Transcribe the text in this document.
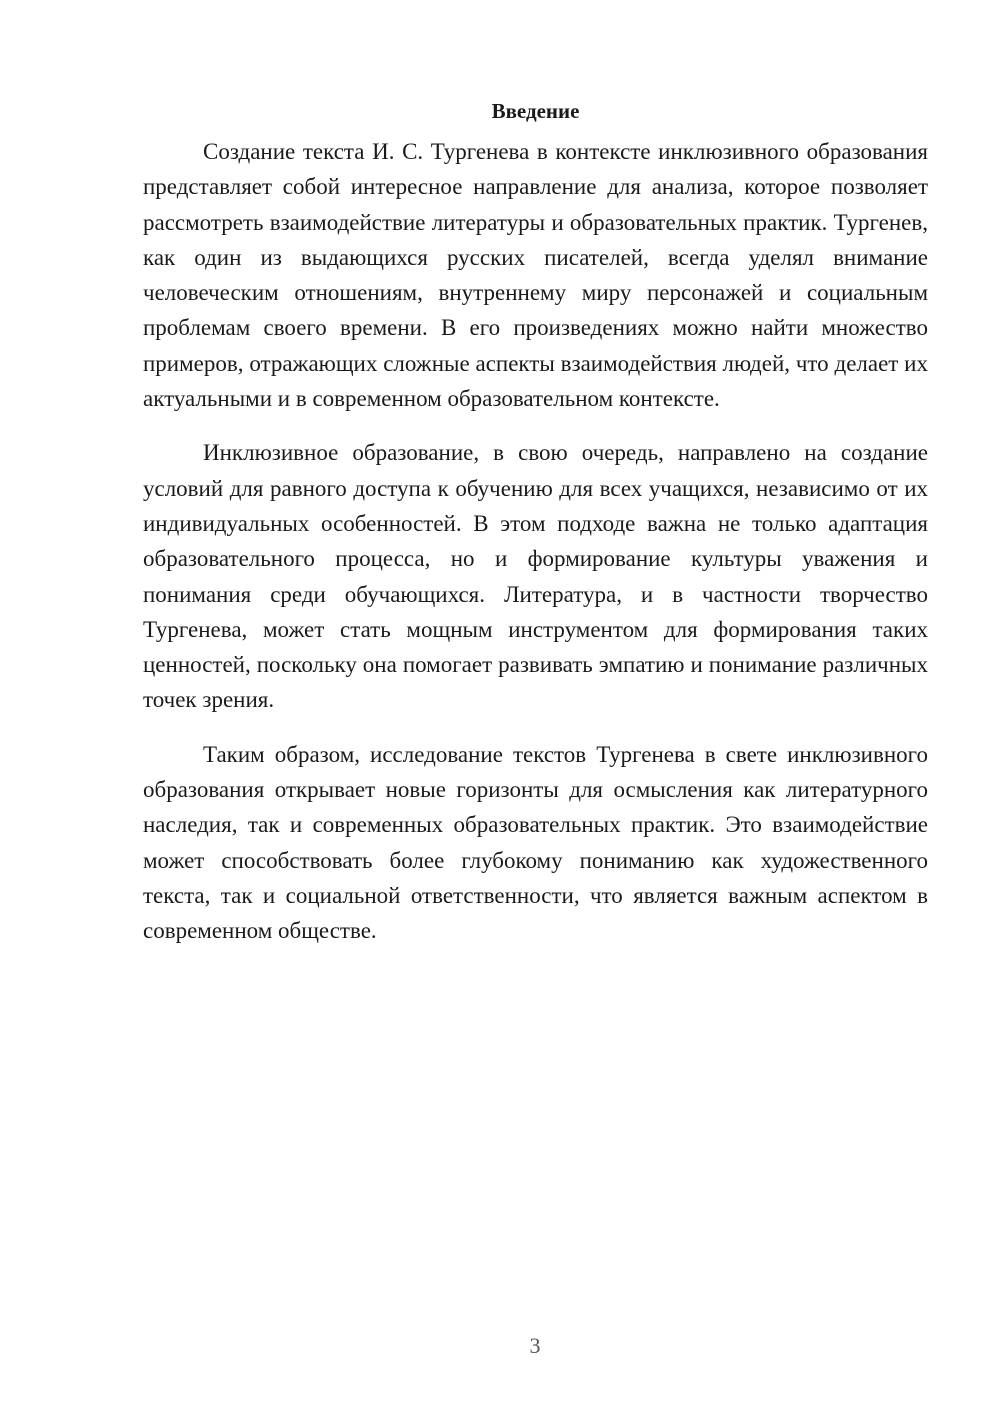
Введение

Создание текста И. С. Тургенева в контексте инклюзивного образования представляет собой интересное направление для анализа, которое позволяет рассмотреть взаимодействие литературы и образовательных практик. Тургенев, как один из выдающихся русских писателей, всегда уделял внимание человеческим отношениям, внутреннему миру персонажей и социальным проблемам своего времени. В его произведениях можно найти множество примеров, отражающих сложные аспекты взаимодействия людей, что делает их актуальными и в современном образовательном контексте.

Инклюзивное образование, в свою очередь, направлено на создание условий для равного доступа к обучению для всех учащихся, независимо от их индивидуальных особенностей. В этом подходе важна не только адаптация образовательного процесса, но и формирование культуры уважения и понимания среди обучающихся. Литература, и в частности творчество Тургенева, может стать мощным инструментом для формирования таких ценностей, поскольку она помогает развивать эмпатию и понимание различных точек зрения.

Таким образом, исследование текстов Тургенева в свете инклюзивного образования открывает новые горизонты для осмысления как литературного наследия, так и современных образовательных практик. Это взаимодействие может способствовать более глубокому пониманию как художественного текста, так и социальной ответственности, что является важным аспектом в современном обществе.

3
